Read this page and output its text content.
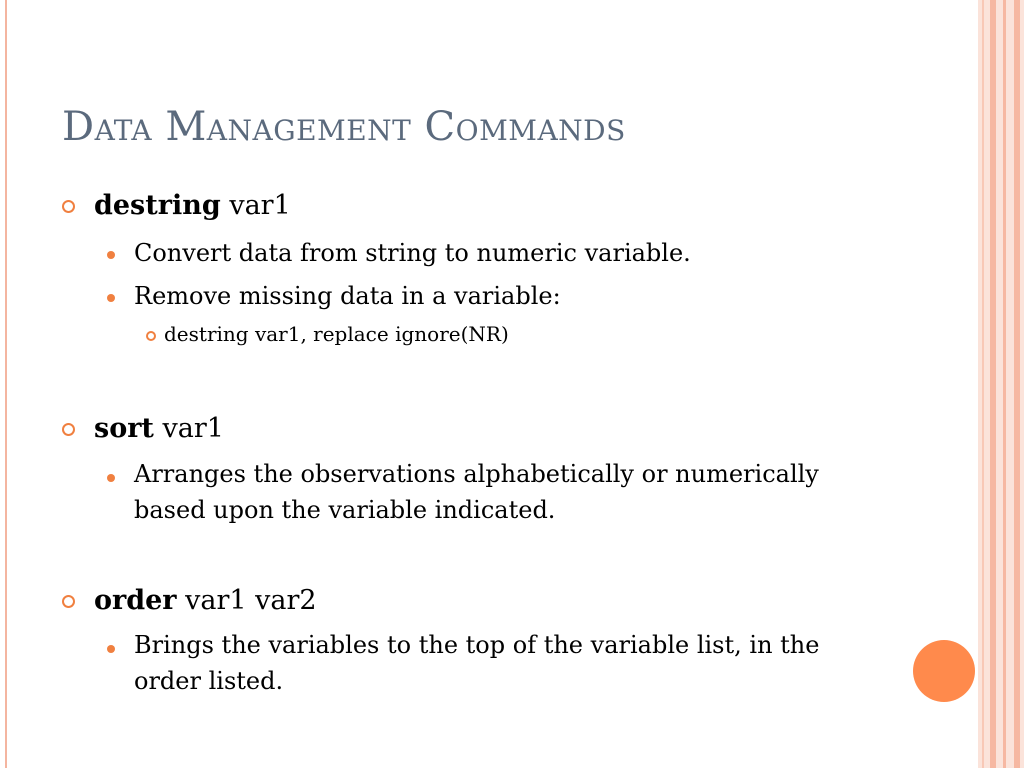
Data Management Commands
destring var1
Convert data from string to numeric variable.
Remove missing data in a variable:
destring var1, replace ignore(NR)
sort var1
Arranges the observations alphabetically or numerically based upon the variable indicated.
order var1 var2
Brings the variables to the top of the variable list, in the order listed.
